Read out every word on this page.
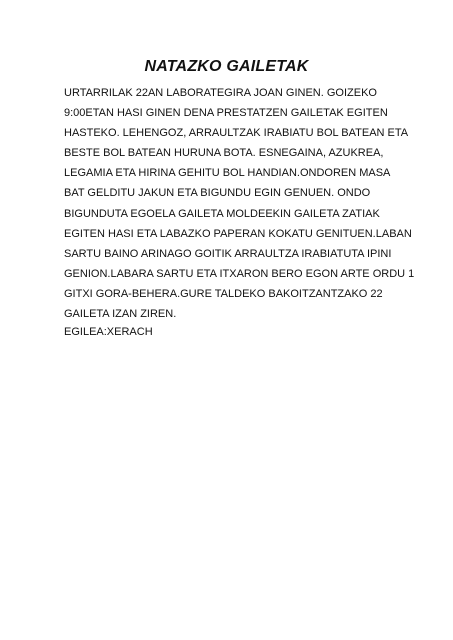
NATAZKO GAILETAK
URTARRILAK 22AN LABORATEGIRA JOAN GINEN. GOIZEKO
9:00ETAN HASI GINEN DENA PRESTATZEN GAILETAK EGITEN
HASTEKO. LEHENGOZ, ARRAULTZAK IRABIATU BOL BATEAN ETA
BESTE BOL BATEAN HURUNA BOTA. ESNEGAINA, AZUKREA,
LEGAMIA ETA HIRINA GEHITU BOL HANDIAN.ONDOREN MASA
BAT GELDITU JAKUN ETA BIGUNDU EGIN GENUEN. ONDO
BIGUNDUTA EGOELA GAILETA MOLDEEKIN GAILETA ZATIAK
EGITEN HASI ETA LABAZKO PAPERAN KOKATU GENITUEN.LABAN
SARTU BAINO ARINAGO GOITIK ARRAULTZA IRABIATUTA IPINI
GENION.LABARA SARTU ETA ITXARON BERO EGON ARTE ORDU 1
GITXI GORA-BEHERA.GURE TALDEKO BAKOITZANTZAKO 22
GAILETA IZAN ZIREN.
EGILEA:XERACH
